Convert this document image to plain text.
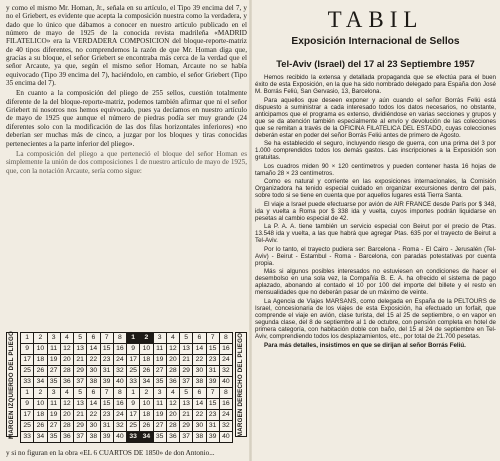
y como el mismo Mr. Homan, Jr., señala en su artículo, el Tipo 39 encima del 7, y no el Griebert, es evidente que acepta la composición nuestra como la verdadera, y dado que lo único que dábamos a conocer en nuestro artículo publicado en el número de mayo de 1925 de la conocida revista madrileña «MADRID FILATELICO» era la VERDADERA COMPOSICION del bloque-reporte-matriz de 40 tipos diferentes, no comprendemos la razón de que Mr. Homan diga que, gracias a su bloque, el señor Griebert se encontraba más cerca de la verdad que el señor Arcaute, ya que, según el mismo señor Homan, Arcaute no se había equivocado (Tipo 39 encima del 7), haciéndolo, en cambio, el señor Griebert (Tipo 35 encima del 7).

En cuanto a la composición del pliego de 255 sellos, cuestión totalmente diferente de la del bloque-reporte-matriz, podemos también afirmar que ni el señor Griebert ni nosotros nos hemos equivocado, pues ya decíamos en nuestro artículo de mayo de 1925 que aunque el número de piedras podía ser muy grande (24 diferentes solo con la modificación de las dos filas horizontales inferiores) «no deberían ser muchas más de cinco, a juzgar por los bloques y tiras conocidas pertenecientes a la parte inferior del pliego».

La composición del pliego a que perteneció el bloque del señor Homan es simplemente la unión de dos composiciones 1 de nuestro artículo de mayo de 1925, que, con la notación Arcaute, sería como sigue:

MARGEN IZQUIERDO DEL PLIEGO 1	2	3	4	5	6	7	8	1	2	3	4	5	6	7	8
9	10	11	12	13	14	15	16	9	10	11	12	13	14	15	16
17	18	19	20	21	22	23	24	17	18	19	20	21	22	23	24
25	26	27	28	29	30	31	32	25	26	27	28	29	30	31	32
33	34	35	36	37	38	39	40	33	34	35	36	37	38	39	40
1	2	3	4	5	6	7	8	1	2	3	4	5	6	7	8
9	10	11	12	13	14	15	16	9	10	11	12	13	14	15	16
17	18	19	20	21	22	23	24	17	18	19	20	21	22	23	24
25	26	27	28	29	30	31	32	25	26	27	28	29	30	31	32
33	34	35	36	37	38	39	40	33	34	35	36	37	38	39	40 MARGEN DERECHO DEL PLIEGO
y si no figuran en la obra «EL 6 CUARTOS DE 1850» de don Antonio...
TABIL
Exposición Internacional de Sellos
Tel-Aviv (Israel) del 17 al 23 Septiembre 1957

Hemos recibido la extensa y detallada propaganda que se efectúa para el buen éxito de esta Exposición, en la que ha sido nombrado delegado para España don José M. Borrás Feliú, San Gervasio, 13, Barcelona.

Para aquellos que deseen exponer y aún cuando el señor Borrás Feliú está dispuesto a suministrar a cada interesado todos los datos necesarios, no obstante, anticipamos que el programa es extenso, dividiéndose en varias secciones y grupos y que se da atención también especialmente al envío y devolución de las colecciones que se remitan a través de la OFICINA FILATELICA DEL ESTADO, cuyas colecciones deberán estar en poder del señor Borrás Feliú antes de primero de Agosto.

Se ha establecido el seguro, incluyendo riesgo de guerra, con una prima del 3 por 1.000 comprendidos todos los demás gastos. Las inscripciones a la Exposición son gratuitas.

Los cuadros miden 90 × 120 centímetros y pueden contener hasta 16 hojas de tamaño 28 × 23 centímetros.

Como es natural y corriente en las exposiciones internacionales, la Comisión Organizadora ha tenido especial cuidado en organizar excursiones dentro del país, sobre todo si se tiene en cuenta que por aquellos lugares está Tierra Santa.

El viaje a Israel puede efectuarse por avión de AIR FRANCE desde París por $ 348, ida y vuelta a Roma por $ 338 ida y vuelta, cuyos importes podrán liquidarse en pesetas al cambio especial de 42.

La P. A. A. tiene también un servicio especial con Beirut por el precio de Ptas. 13.548 ida y vuelta, a las que habrá que agregar Ptas. 635 por el trayecto de Beirut a Tel-Aviv.

Por lo tanto, el trayecto pudiera ser: Barcelona - Roma - El Cairo - Jerusalén (Tel-Aviv) - Beirut - Estambul - Roma - Barcelona, con paradas potestativas por cuenta propia.

Más si algunos posibles interesados no estuviesen en condiciones de hacer el desembolso en una sola vez, la Compañía B. E. A. ha ofrecido el sistema de pago aplazado, abonando al contado el 10 por 100 del importe del billete y el resto en mensualidades que no deberán pasar de un máximo de veinte.

La Agencia de Viajes MARSANS, como delegada en España de la PELTOURS de Israel, concesionaria de los viajes de esta Exposición, ha efectuado un forfait, que comprende el viaje en avión, clase turista, del 15 al 25 de septiembre, o en vapor en segunda clase, del 8 de septiembre al 1 de octubre, con pensión completa en hotel de primera categoría, con habitación doble con baño, del 15 al 24 de septiembre en Tel-Aviv, comprendiendo todos los desplazamientos, etc., por total de 21.700 pesetas.

Para más detalles, insistimos en que se dirijan al señor Borrás Feliú.
